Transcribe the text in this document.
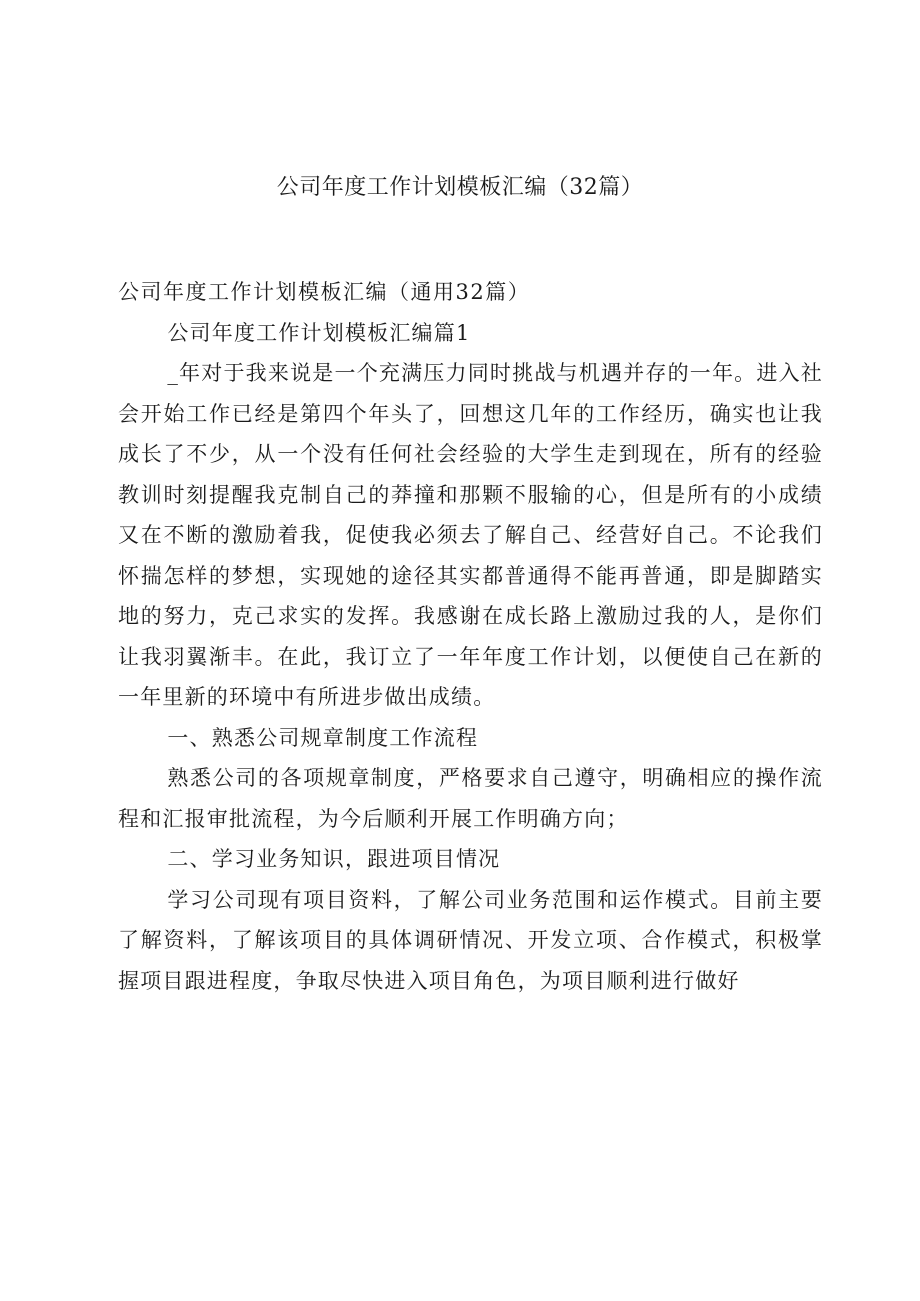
公司年度工作计划模板汇编（32篇）

公司年度工作计划模板汇编（通用32篇）

公司年度工作计划模板汇编篇1

_年对于我来说是一个充满压力同时挑战与机遇并存的一年。进入社会开始工作已经是第四个年头了，回想这几年的工作经历，确实也让我成长了不少，从一个没有任何社会经验的大学生走到现在，所有的经验教训时刻提醒我克制自己的莽撞和那颗不服输的心，但是所有的小成绩又在不断的激励着我，促使我必须去了解自己、经营好自己。不论我们怀揣怎样的梦想，实现她的途径其实都普通得不能再普通，即是脚踏实地的努力，克己求实的发挥。我感谢在成长路上激励过我的人，是你们让我羽翼渐丰。在此，我订立了一年年度工作计划，以便使自己在新的一年里新的环境中有所进步做出成绩。

一、熟悉公司规章制度工作流程

熟悉公司的各项规章制度，严格要求自己遵守，明确相应的操作流程和汇报审批流程，为今后顺利开展工作明确方向；

二、学习业务知识，跟进项目情况

学习公司现有项目资料，了解公司业务范围和运作模式。目前主要了解资料，了解该项目的具体调研情况、开发立项、合作模式，积极掌握项目跟进程度，争取尽快进入项目角色，为项目顺利进行做好
